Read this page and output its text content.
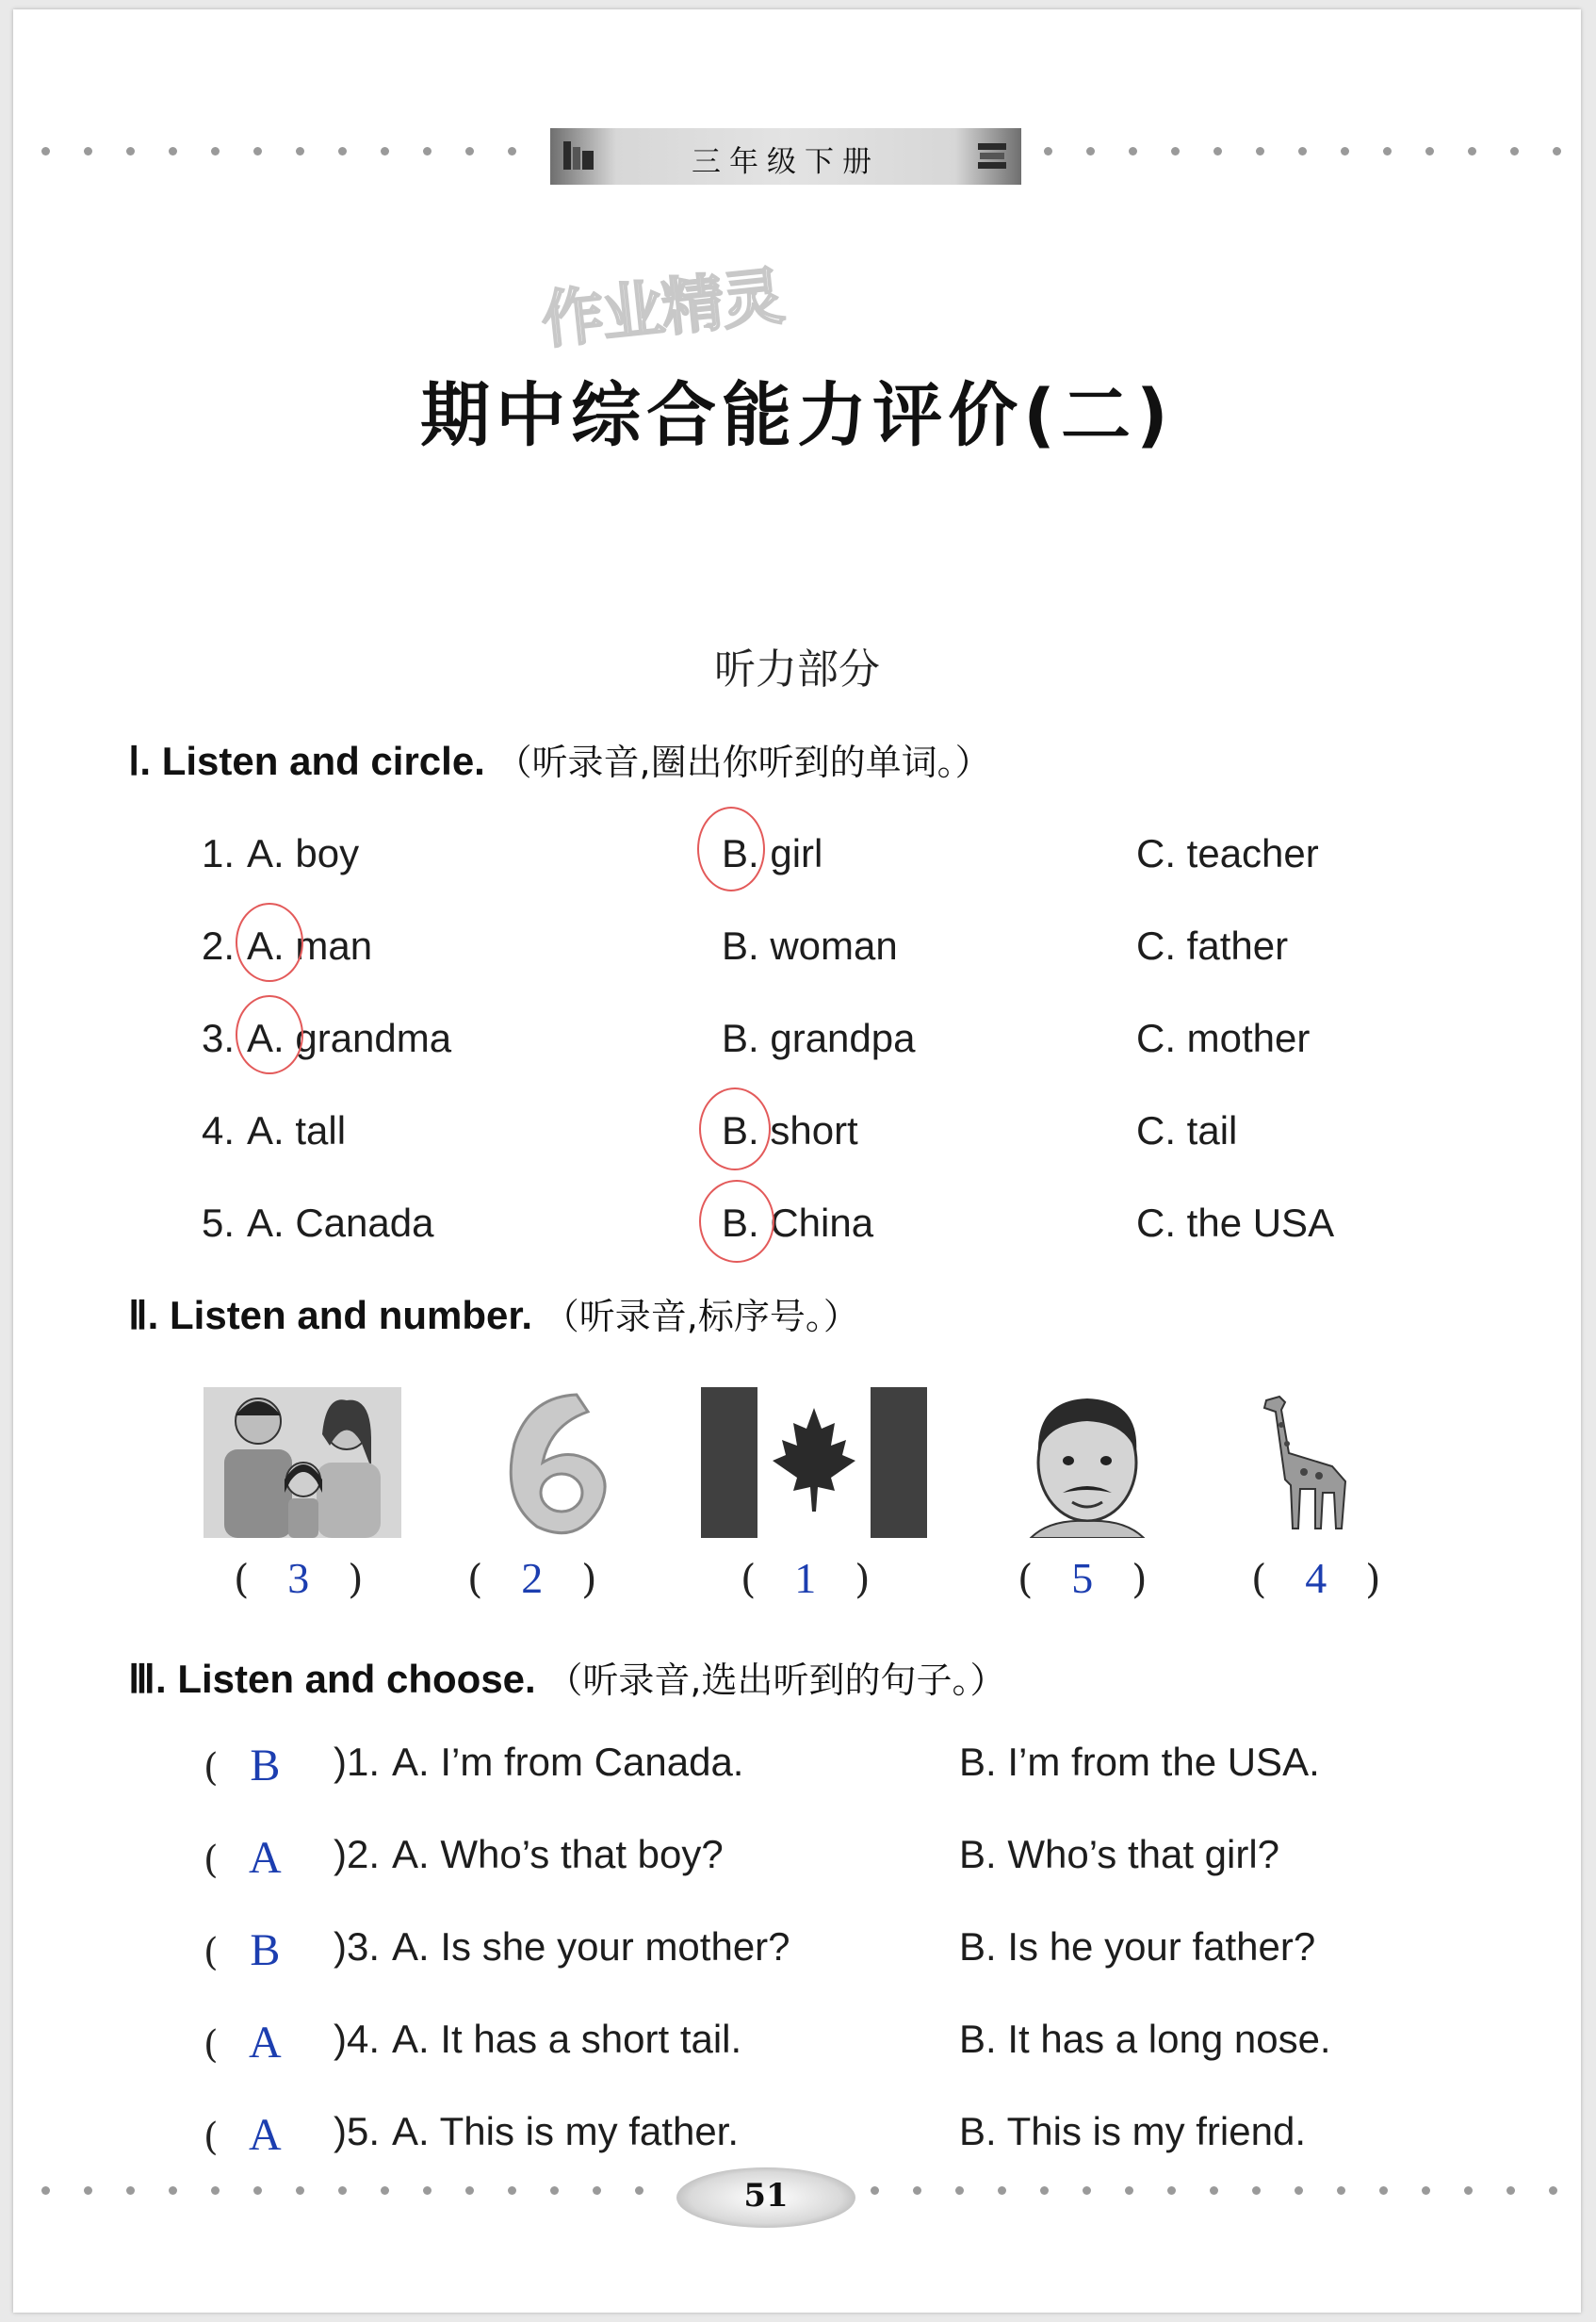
三年级下册
作业精灵
期中综合能力评价(二)
听力部分
Ⅰ. Listen and circle. （听录音,圈出你听到的单词。）
1. A. boy	B. girl	C. teacher
2. A. man	B. woman	C. father
3. A. grandma	B. grandpa	C. mother
4. A. tall	B. short	C. tail
5. A. Canada	B. China	C. the USA
Ⅱ. Listen and number. （听录音,标序号。）
( 3 )	( 2 )	( 1 )	( 5 )	( 4 )
Ⅲ. Listen and choose. （听录音,选出听到的句子。）
( B	)1. A. I’m from Canada.	B. I’m from the USA.
( A	)2. A. Who’s that boy?	B. Who’s that girl?
( B	)3. A. Is she your mother?	B. Is he your father?
( A	)4. A. It has a short tail.	B. It has a long nose.
( A	)5. A. This is my father.	B. This is my friend.
51
